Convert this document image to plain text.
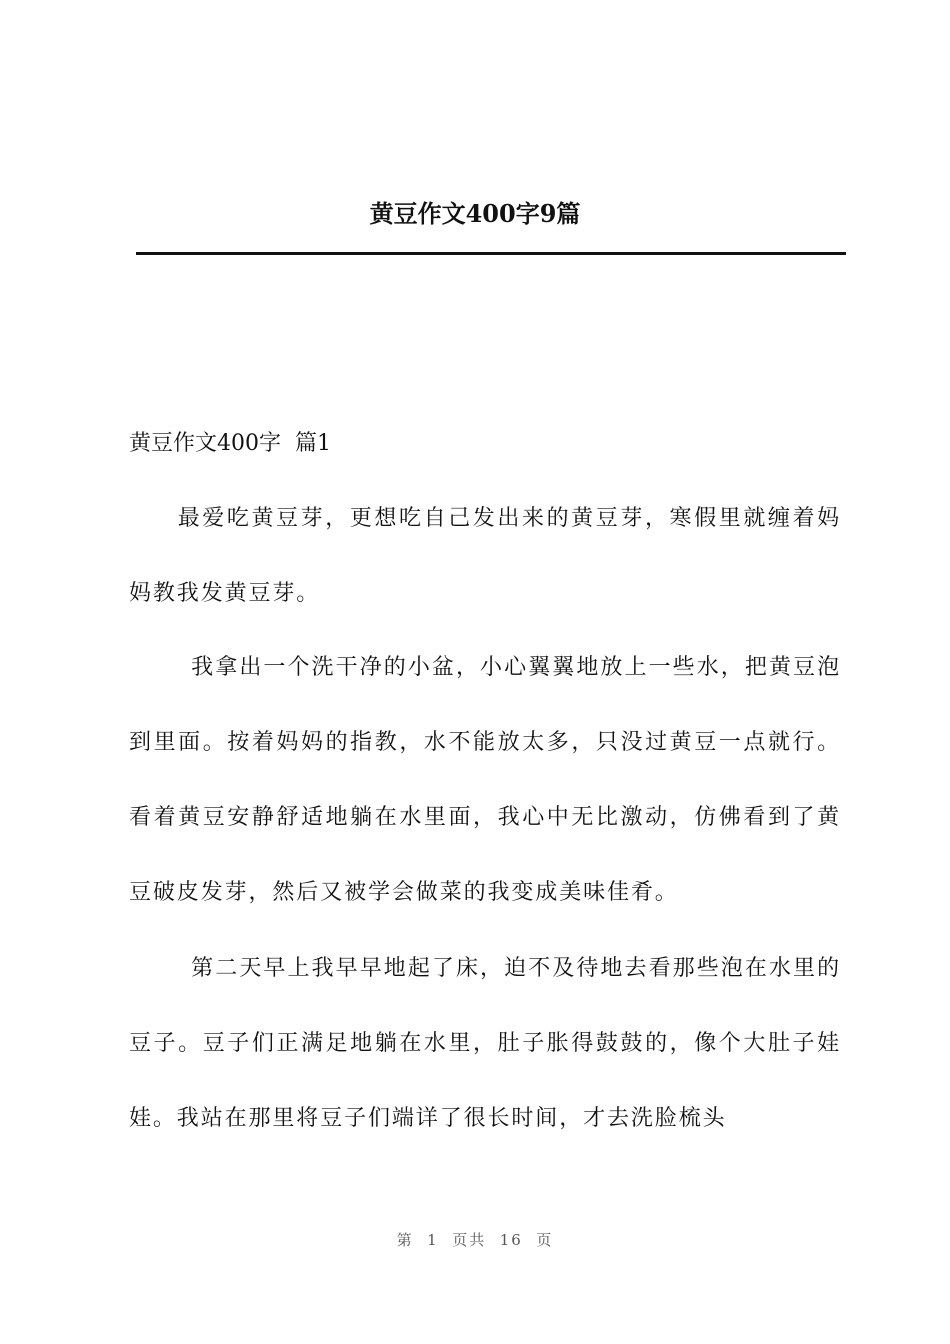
黄豆作文400字9篇
黄豆作文400字  篇1

最爱吃黄豆芽，更想吃自己发出来的黄豆芽，寒假里就缠着妈妈教我发黄豆芽。

我拿出一个洗干净的小盆，小心翼翼地放上一些水，把黄豆泡到里面。按着妈妈的指教，水不能放太多，只没过黄豆一点就行。看着黄豆安静舒适地躺在水里面，我心中无比激动，仿佛看到了黄豆破皮发芽，然后又被学会做菜的我变成美味佳肴。

第二天早上我早早地起了床，迫不及待地去看那些泡在水里的豆子。豆子们正满足地躺在水里，肚子胀得鼓鼓的，像个大肚子娃娃。我站在那里将豆子们端详了很长时间，才去洗脸梳头

第  1  页共  16  页
